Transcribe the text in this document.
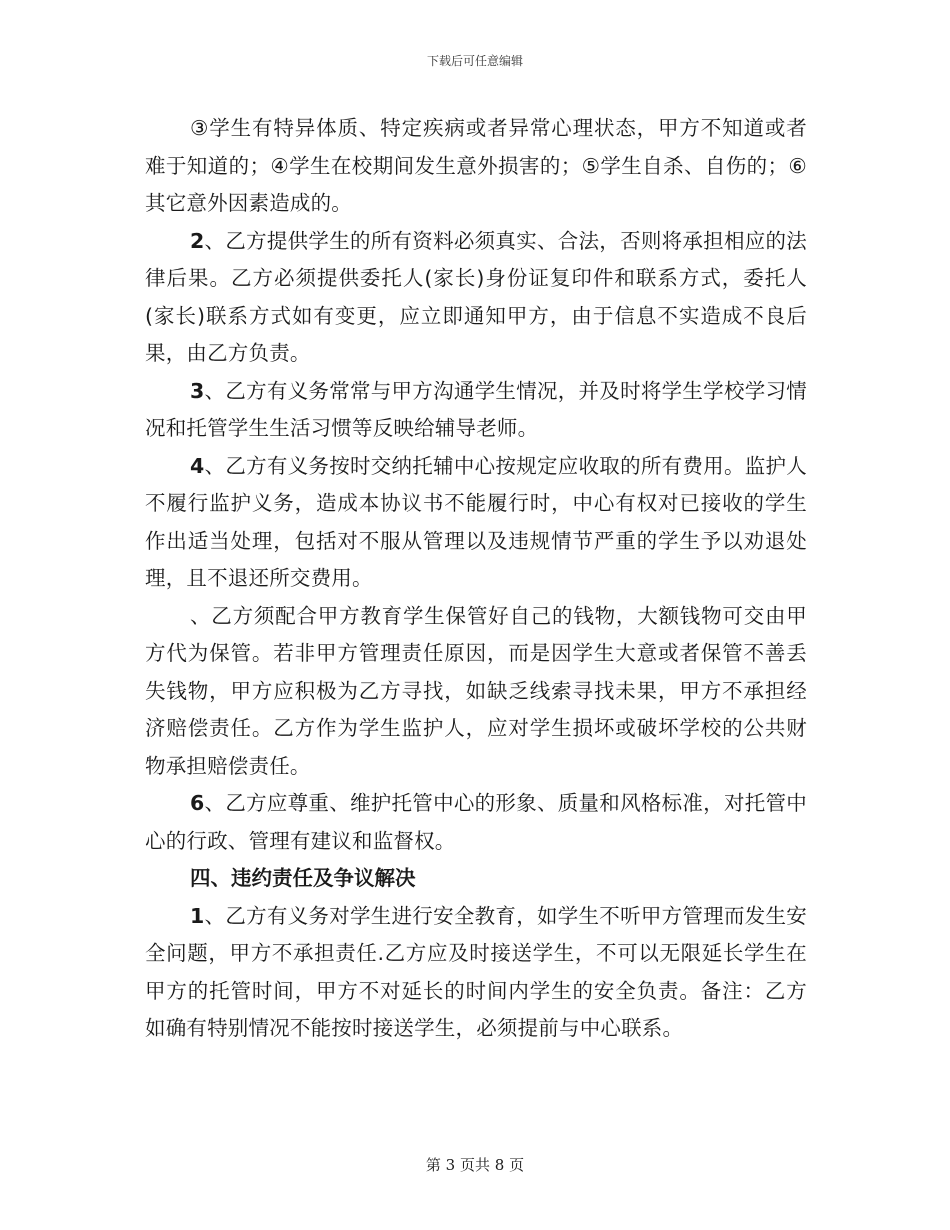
下载后可任意编辑

③学生有特异体质、特定疾病或者异常心理状态，甲方不知道或者难于知道的；④学生在校期间发生意外损害的；⑤学生自杀、自伤的；⑥其它意外因素造成的。

2、乙方提供学生的所有资料必须真实、合法，否则将承担相应的法律后果。乙方必须提供委托人(家长)身份证复印件和联系方式，委托人(家长)联系方式如有变更，应立即通知甲方，由于信息不实造成不良后果，由乙方负责。

3、乙方有义务常常与甲方沟通学生情况，并及时将学生学校学习情况和托管学生生活习惯等反映给辅导老师。

4、乙方有义务按时交纳托辅中心按规定应收取的所有费用。监护人不履行监护义务，造成本协议书不能履行时，中心有权对已接收的学生作出适当处理，包括对不服从管理以及违规情节严重的学生予以劝退处理，且不退还所交费用。

、乙方须配合甲方教育学生保管好自己的钱物，大额钱物可交由甲方代为保管。若非甲方管理责任原因，而是因学生大意或者保管不善丢失钱物，甲方应积极为乙方寻找，如缺乏线索寻找未果，甲方不承担经济赔偿责任。乙方作为学生监护人，应对学生损坏或破坏学校的公共财物承担赔偿责任。

6、乙方应尊重、维护托管中心的形象、质量和风格标准，对托管中心的行政、管理有建议和监督权。

四、违约责任及争议解决

1、乙方有义务对学生进行安全教育，如学生不听甲方管理而发生安全问题，甲方不承担责任.乙方应及时接送学生，不可以无限延长学生在甲方的托管时间，甲方不对延长的时间内学生的安全负责。备注：乙方如确有特别情况不能按时接送学生，必须提前与中心联系。

第 3 页共 8 页
